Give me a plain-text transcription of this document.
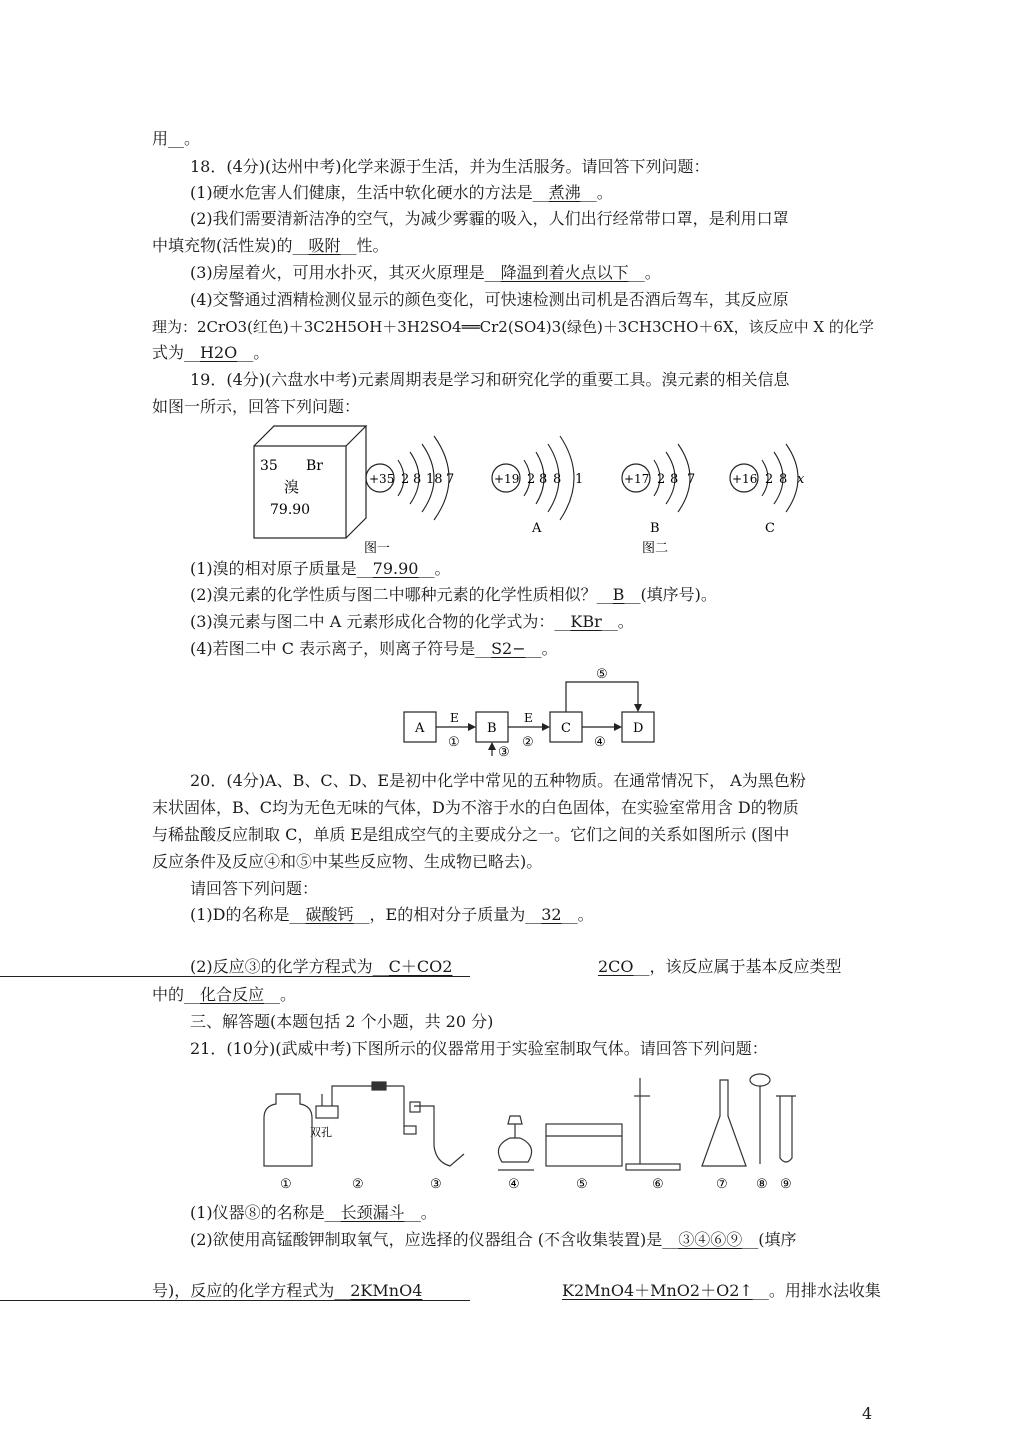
用__。
18．(4分)(达州中考)化学来源于生活，并为生活服务。请回答下列问题：
(1)硬水危害人们健康，生活中软化硬水的方法是__煮沸__。
(2)我们需要清新洁净的空气，为减少雾霾的吸入，人们出行经常带口罩，是利用口罩
中填充物(活性炭)的__吸附__性。
(3)房屋着火，可用水扑灭，其灭火原理是__降温到着火点以下__。
(4)交警通过酒精检测仪显示的颜色变化，可快速检测出司机是否酒后驾车，其反应原
理为：2CrO3(红色)＋3C2H5OH＋3H2SO4══Cr2(SO4)3(绿色)＋3CH3CHO＋6X，该反应中 X 的化学
式为__H2O__。
19．(4分)(六盘水中考)元素周期表是学习和研究化学的重要工具。溴元素的相关信息
如图一所示，回答下列问题：
35 Br
溴
79.90
+35 2 8 18 7	+19 2 8 8 1
A
+17 2 8 7
B
+16 2 8 x
C
图一	图二
(1)溴的相对原子质量是__79.90__。
(2)溴元素的化学性质与图二中哪种元素的化学性质相似？__B__(填序号)。
(3)溴元素与图二中 A 元素形成化合物的化学式为：__KBr__。
(4)若图二中 C 表示离子，则离子符号是__S2−__。
A	B	C	D
E	E
①	②
③
④
⑤
20．(4分)A、B、C、D、E是初中化学中常见的五种物质。在通常情况下， A为黑色粉
末状固体，B、C均为无色无味的气体，D为不溶于水的白色固体，在实验室常用含 D的物质
与稀盐酸反应制取 C，单质 E是组成空气的主要成分之一。它们之间的关系如图所示 (图中
反应条件及反应④和⑤中某些反应物、生成物已略去)。
请回答下列问题：
(1)D的名称是__碳酸钙__，E的相对分子质量为__32__。
(2)反应③的化学方程式为__C＋CO2	2CO__，该反应属于基本反应类型
中的__化合反应__。
三、解答题(本题包括 2 个小题，共 20 分)
21．(10分)(武威中考)下图所示的仪器常用于实验室制取气体。请回答下列问题：
双孔
①	②	③	④	⑤	⑥	⑦ ⑧ ⑨
(1)仪器⑧的名称是__长颈漏斗__。
(2)欲使用高锰酸钾制取氧气，应选择的仪器组合 (不含收集装置)是__③④⑥⑨__(填序
号)，反应的化学方程式为__2KMnO4	K2MnO4＋MnO2＋O2↑__。用排水法收集
4
